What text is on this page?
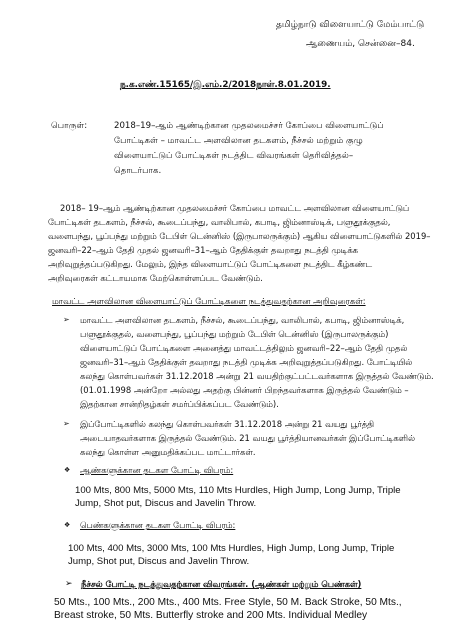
தமிழ்நாடு விளையாட்டு மேம்பாட்டு
ஆணையம், சென்னை–84.
ந.க.எண்.15165/இ.எம்.2/2018நாள்.8.01.2019.
பொருள்:	2018–19–ஆம் ஆண்டிற்கான முதலமைச்சர் கோப்பை விளையாட்டுப்
போட்டிகள் – மாவட்ட அளவிலான தடகளம், நீச்சல் மற்றும் குழு
விளையாட்டுப் போட்டிகள் நடத்திட விவரங்கள் தெரிவித்தல்–
தொடர்பாக.
2018– 19–ஆம் ஆண்டிற்கான முதலமைச்சர் கோப்பை மாவட்ட அளவிலான விளையாட்டுப்
போட்டிகள் தடகளம், நீச்சல், கூடைப்பந்து, வாலிபால், கபாடி, ஜிம்னாஸ்டிக், பளுதூக்குதல்,
வளைபந்து, பூப்பந்து மற்றும் டேபிள் டென்னிஸ் (இருபாலருக்கும்) ஆகிய விளையாட்டுகளில் 2019–
ஜனவரி–22–ஆம் தேதி முதல் ஜனவரி–31–ஆம் தேதிக்குள் தவறாது நடத்தி முடிக்க
அறிவுறுத்தப்படுகிறது. மேலும், இந்த விளையாட்டுப் போட்டிகளை நடத்திட கீழ்கண்ட
அறிவுரைகள் கட்டாயமாக மேற்கொள்ளப்பட வேண்டும்.
மாவட்ட அளவிலான விளையாட்டுப் போட்டிகளை நடத்துவதற்கான அறிவுரைகள்:
➢ மாவட்ட அளவிலான தடகளம், நீச்சல், கூடைப்பந்து, வாலிபால், கபாடி, ஜிம்னாஸ்டிக்,
பளுதூக்குதல், வளைபந்து, பூப்பந்து மற்றும் டேபிள் டென்னிஸ் (இருபாலருக்கும்)
விளையாட்டுப் போட்டிகளை அனைத்து மாவட்டத்திலும் ஜனவரி–22–ஆம் தேதி முதல்
ஜனவரி–31–ஆம் தேதிக்குள் தவறாது நடத்தி முடிக்க அறிவுறுத்தப்படுகிறது. போட்டியில்
கலந்து கொள்பவர்கள் 31.12.2018 அன்று 21 வயதிற்குட்பட்டவர்களாக இருத்தல் வேண்டும்.
(01.01.1998 அன்றோ அல்லது அதற்கு பின்னர் பிறந்தவர்களாக இருத்தல் வேண்டும் –
இதற்கான சான்றிதழ்கள் சமர்ப்பிக்கப்பட வேண்டும்).
➢ இப்போட்டிகளில் கலந்து கொள்பவர்கள் 31.12.2018 அன்று 21 வயது பூர்த்தி
அடையாதவர்களாக இருத்தல் வேண்டும். 21 வயது பூர்த்தியானவர்கள் இப்போட்டிகளில்
கலந்து கொள்ள அனுமதிக்கப்பட மாட்டார்கள்.
❖ ஆண்களுக்கான தடகள போட்டி விபரம்:
100 Mts, 800 Mts, 5000 Mts, 110 Mts Hurdles, High Jump, Long Jump, Triple
Jump, Shot put, Discus and Javelin Throw.
❖ பெண்களுக்கான தடகள போட்டி விபரம்:
100 Mts, 400 Mts, 3000 Mts, 100 Mts Hurdles, High Jump, Long Jump, Triple
Jump, Shot put, Discus and Javelin Throw.
➢ நீச்சல் போட்டி நடத்துவதற்கான விவரங்கள். (ஆண்கள் மற்றும் பெண்கள்)
50 Mts., 100 Mts., 200 Mts., 400 Mts. Free Style, 50 M. Back Stroke, 50 Mts.,
Breast stroke, 50 Mts. Butterfly stroke and 200 Mts. Individual Medley
